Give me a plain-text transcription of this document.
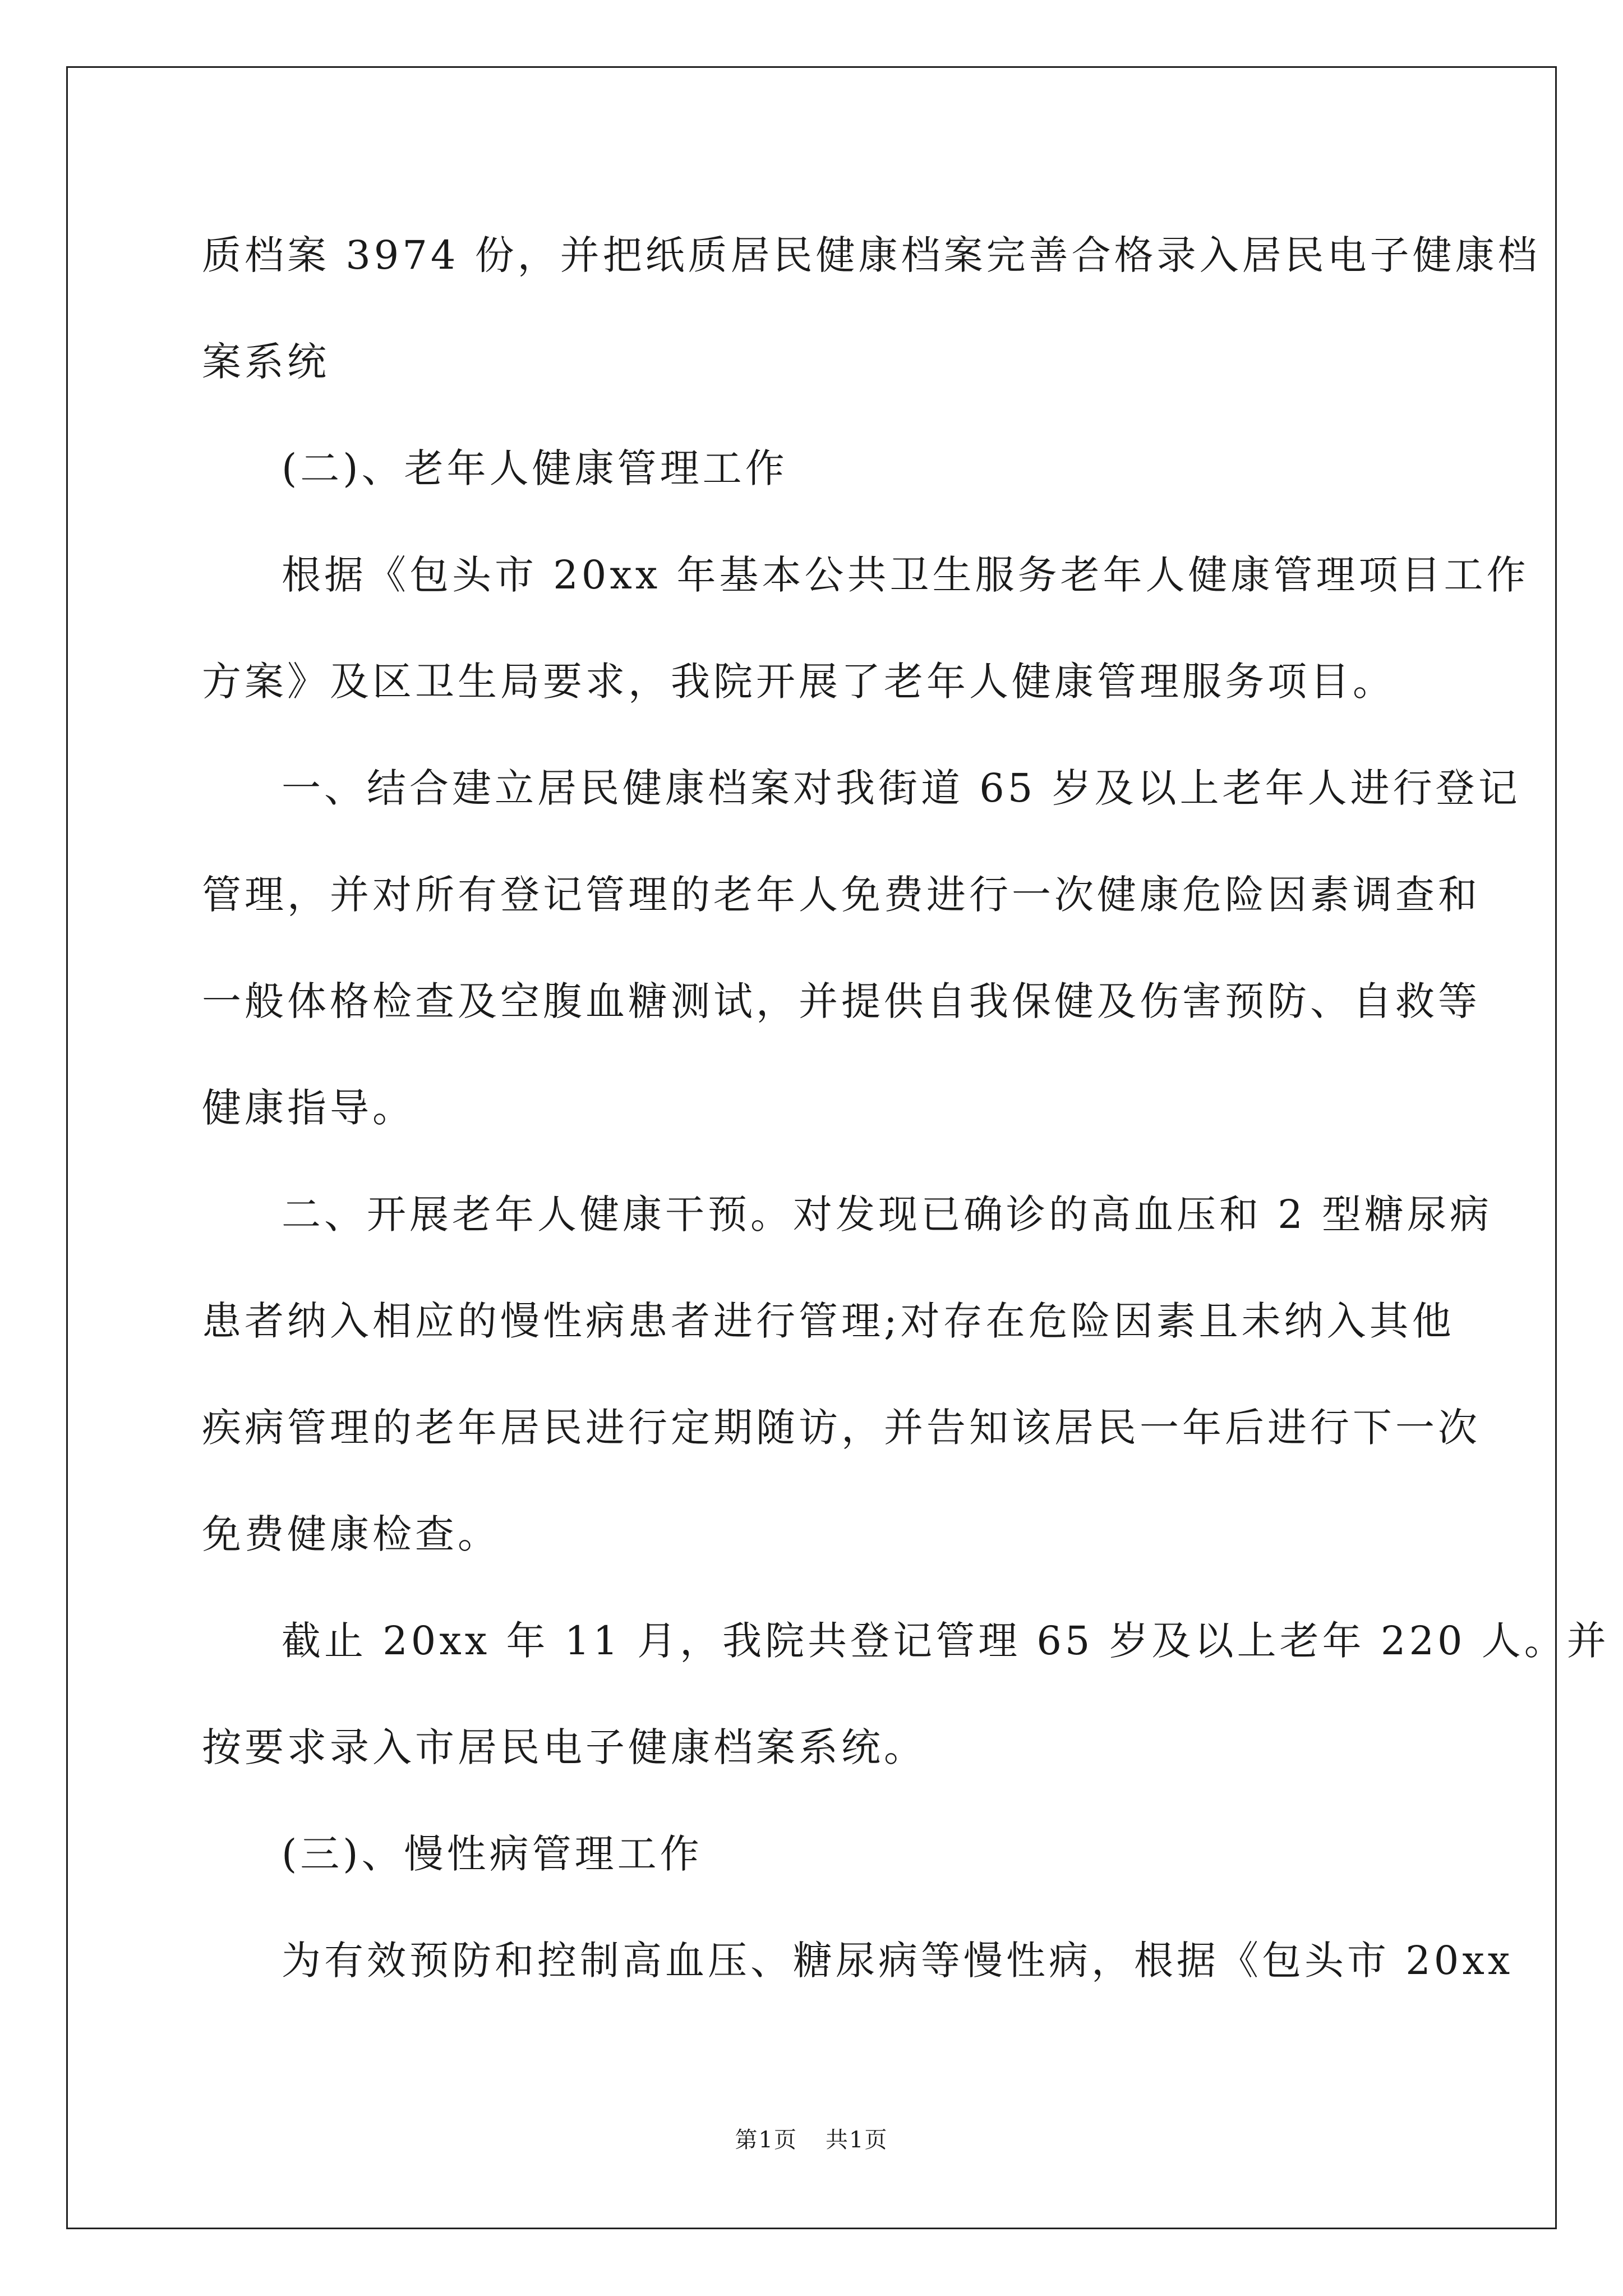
质档案 3974 份，并把纸质居民健康档案完善合格录入居民电子健康档
案系统
(二)、老年人健康管理工作
根据《包头市 20xx 年基本公共卫生服务老年人健康管理项目工作
方案》及区卫生局要求，我院开展了老年人健康管理服务项目。
一、结合建立居民健康档案对我街道 65 岁及以上老年人进行登记
管理，并对所有登记管理的老年人免费进行一次健康危险因素调查和
一般体格检查及空腹血糖测试，并提供自我保健及伤害预防、自救等
健康指导。
二、开展老年人健康干预。对发现已确诊的高血压和 2 型糖尿病
患者纳入相应的慢性病患者进行管理;对存在危险因素且未纳入其他
疾病管理的老年居民进行定期随访，并告知该居民一年后进行下一次
免费健康检查。
截止 20xx 年 11 月，我院共登记管理 65 岁及以上老年 220 人。并
按要求录入市居民电子健康档案系统。
(三)、慢性病管理工作
为有效预防和控制高血压、糖尿病等慢性病，根据《包头市 20xx
第1页 共1页
